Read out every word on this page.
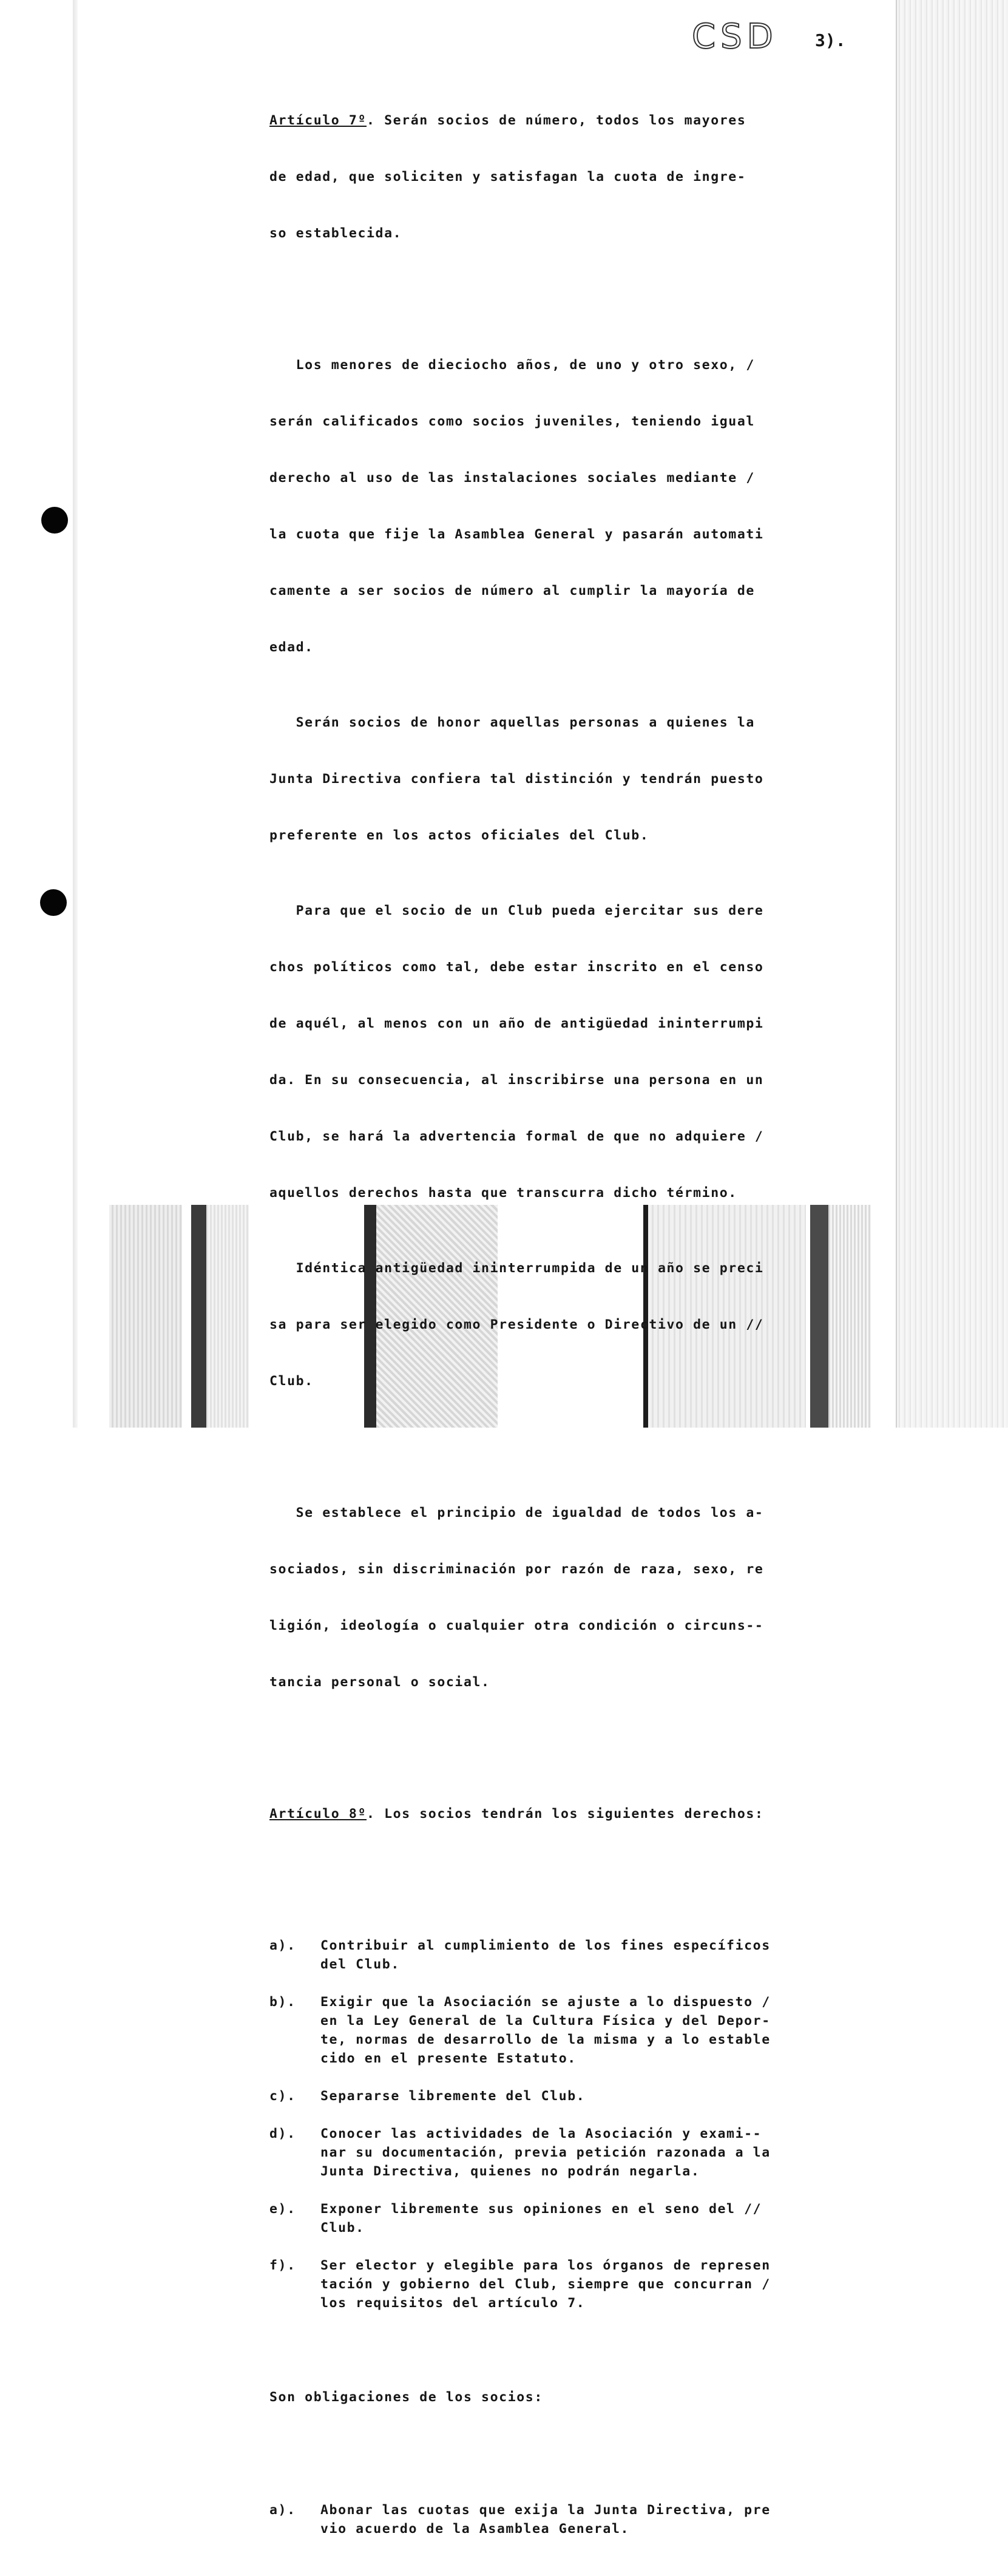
CSD 3).

Artículo 7º. Serán socios de número, todos los mayores

de edad, que soliciten y satisfagan la cuota de ingre-

so establecida.

Los menores de dieciocho años, de uno y otro sexo, /

serán calificados como socios juveniles, teniendo igual

derecho al uso de las instalaciones sociales mediante /

la cuota que fije la Asamblea General y pasarán automati

camente a ser socios de número al cumplir la mayoría de

edad.

Serán socios de honor aquellas personas a quienes la

Junta Directiva confiera tal distinción y tendrán puesto

preferente en los actos oficiales del Club.

Para que el socio de un Club pueda ejercitar sus dere

chos políticos como tal, debe estar inscrito en el censo

de aquél, al menos con un año de antigüedad ininterrumpi

da. En su consecuencia, al inscribirse una persona en un

Club, se hará la advertencia formal de que no adquiere /

aquellos derechos hasta que transcurra dicho término.

Idéntica antigüedad ininterrumpida de un año se preci

sa para ser elegido como Presidente o Directivo de un //

Club.

Se establece el principio de igualdad de todos los a-

sociados, sin discriminación por razón de raza, sexo, re

ligión, ideología o cualquier otra condición o circuns--

tancia personal o social.

Artículo 8º. Los socios tendrán los siguientes derechos:

a). Contribuir al cumplimiento de los fines específicos
del Club.
b). Exigir que la Asociación se ajuste a lo dispuesto /
en la Ley General de la Cultura Física y del Depor-
te, normas de desarrollo de la misma y a lo estable
cido en el presente Estatuto.
c). Separarse libremente del Club.
d). Conocer las actividades de la Asociación y exami--
nar su documentación, previa petición razonada a la
Junta Directiva, quienes no podrán negarla.
e). Exponer libremente sus opiniones en el seno del //
Club.
f). Ser elector y elegible para los órganos de represen
tación y gobierno del Club, siempre que concurran /
los requisitos del artículo 7.

Son obligaciones de los socios:

a). Abonar las cuotas que exija la Junta Directiva, pre
vio acuerdo de la Asamblea General.
